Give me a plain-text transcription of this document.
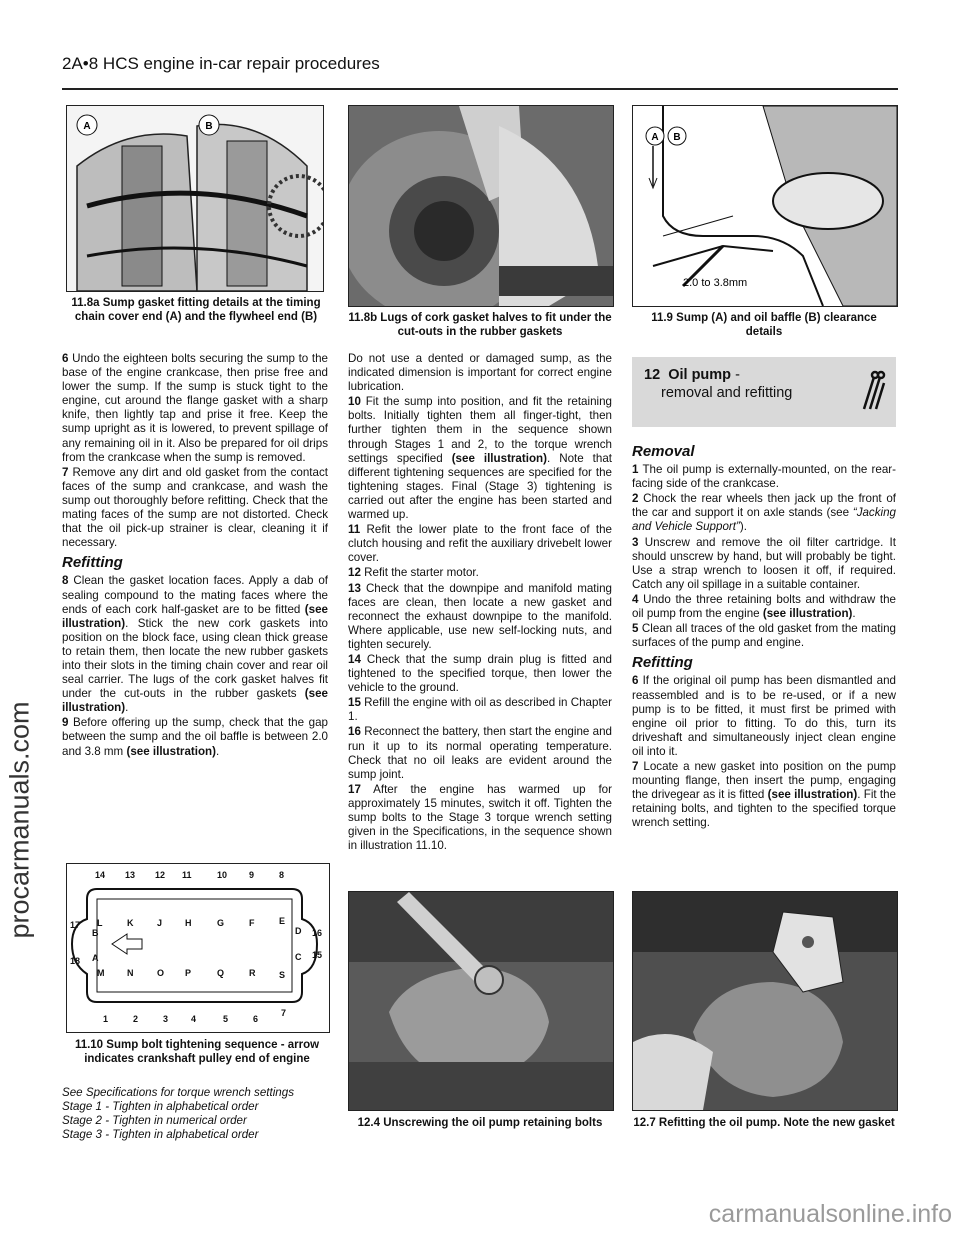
2A•8 HCS engine in-car repair procedures
procarmanuals.com
A	B
11.8a Sump gasket fitting details at the timing chain cover end (A) and the flywheel end (B)	11.8b Lugs of cork gasket halves to fit under the cut-outs in the rubber gaskets
A B
2.0 to 3.8mm
11.9 Sump (A) and oil baffle (B) clearance details

6 Undo the eighteen bolts securing the sump to the base of the engine crankcase, then prise free and lower the sump. If the sump is stuck tight to the engine, cut around the flange gasket with a sharp knife, then lightly tap and prise it free. Keep the sump upright as it is lowered, to prevent spillage of any remaining oil in it. Also be prepared for oil drips from the crankcase when the sump is removed.

7 Remove any dirt and old gasket from the contact faces of the sump and crankcase, and wash the sump out thoroughly before refitting. Check that the mating faces of the sump are not distorted. Check that the oil pick-up strainer is clear, cleaning it if necessary.

Refitting

8 Clean the gasket location faces. Apply a dab of sealing compound to the mating faces where the ends of each cork half-gasket are to be fitted (see illustration). Stick the new cork gaskets into position on the block face, using clean thick grease to retain them, then locate the new rubber gaskets into their slots in the timing chain cover and rear oil seal carrier. The lugs of the cork gasket halves fit under the cut-outs in the rubber gaskets (see illustration).

9 Before offering up the sump, check that the gap between the sump and the oil baffle is between 2.0 and 3.8 mm (see illustration).

14 13 12 11	10 9	8
L	K	J	H	G	F	E
M	N	O P	Q	R	S
1	2	3	4	5	6
7
17
B
18 A
D 16
C 15
11.10 Sump bolt tightening sequence - arrow indicates crankshaft pulley end of engine
See Specifications for torque wrench settings
Stage 1 - Tighten in alphabetical order
Stage 2 - Tighten in numerical order
Stage 3 - Tighten in alphabetical order

Do not use a dented or damaged sump, as the indicated dimension is important for correct engine lubrication.

10 Fit the sump into position, and fit the retaining bolts. Initially tighten them all finger-tight, then further tighten them in the sequence shown through Stages 1 and 2, to the torque wrench settings specified (see illustration). Note that different tightening sequences are specified for the tightening stages. Final (Stage 3) tightening is carried out after the engine has been started and warmed up.

11 Refit the lower plate to the front face of the clutch housing and refit the auxiliary drivebelt lower cover.

12 Refit the starter motor.

13 Check that the downpipe and manifold mating faces are clean, then locate a new gasket and reconnect the exhaust downpipe to the manifold. Where applicable, use new self-locking nuts, and tighten securely.

14 Check that the sump drain plug is fitted and tightened to the specified torque, then lower the vehicle to the ground.

15 Refill the engine with oil as described in Chapter 1.

16 Reconnect the battery, then start the engine and run it up to its normal operating temperature. Check that no oil leaks are evident around the sump joint.

17 After the engine has warmed up for approximately 15 minutes, switch it off. Tighten the sump bolts to the Stage 3 torque wrench setting given in the Specifications, in the sequence shown in illustration 11.10.

12.4 Unscrewing the oil pump retaining bolts
12 Oil pump -
removal and refitting
Removal

1 The oil pump is externally-mounted, on the rear-facing side of the crankcase.

2 Chock the rear wheels then jack up the front of the car and support it on axle stands (see “Jacking and Vehicle Support”).

3 Unscrew and remove the oil filter cartridge. It should unscrew by hand, but will probably be tight. Use a strap wrench to loosen it off, if required. Catch any oil spillage in a suitable container.

4 Undo the three retaining bolts and withdraw the oil pump from the engine (see illustration).

5 Clean all traces of the old gasket from the mating surfaces of the pump and engine.

Refitting

6 If the original oil pump has been dismantled and reassembled and is to be re-used, or if a new pump is to be fitted, it must first be primed with engine oil prior to fitting. To do this, turn its driveshaft and simultaneously inject clean engine oil into it.

7 Locate a new gasket into position on the pump mounting flange, then insert the pump, engaging the drivegear as it is fitted (see illustration). Fit the retaining bolts, and tighten to the specified torque wrench setting.

12.7 Refitting the oil pump. Note the new gasket
carmanualsonline.info
